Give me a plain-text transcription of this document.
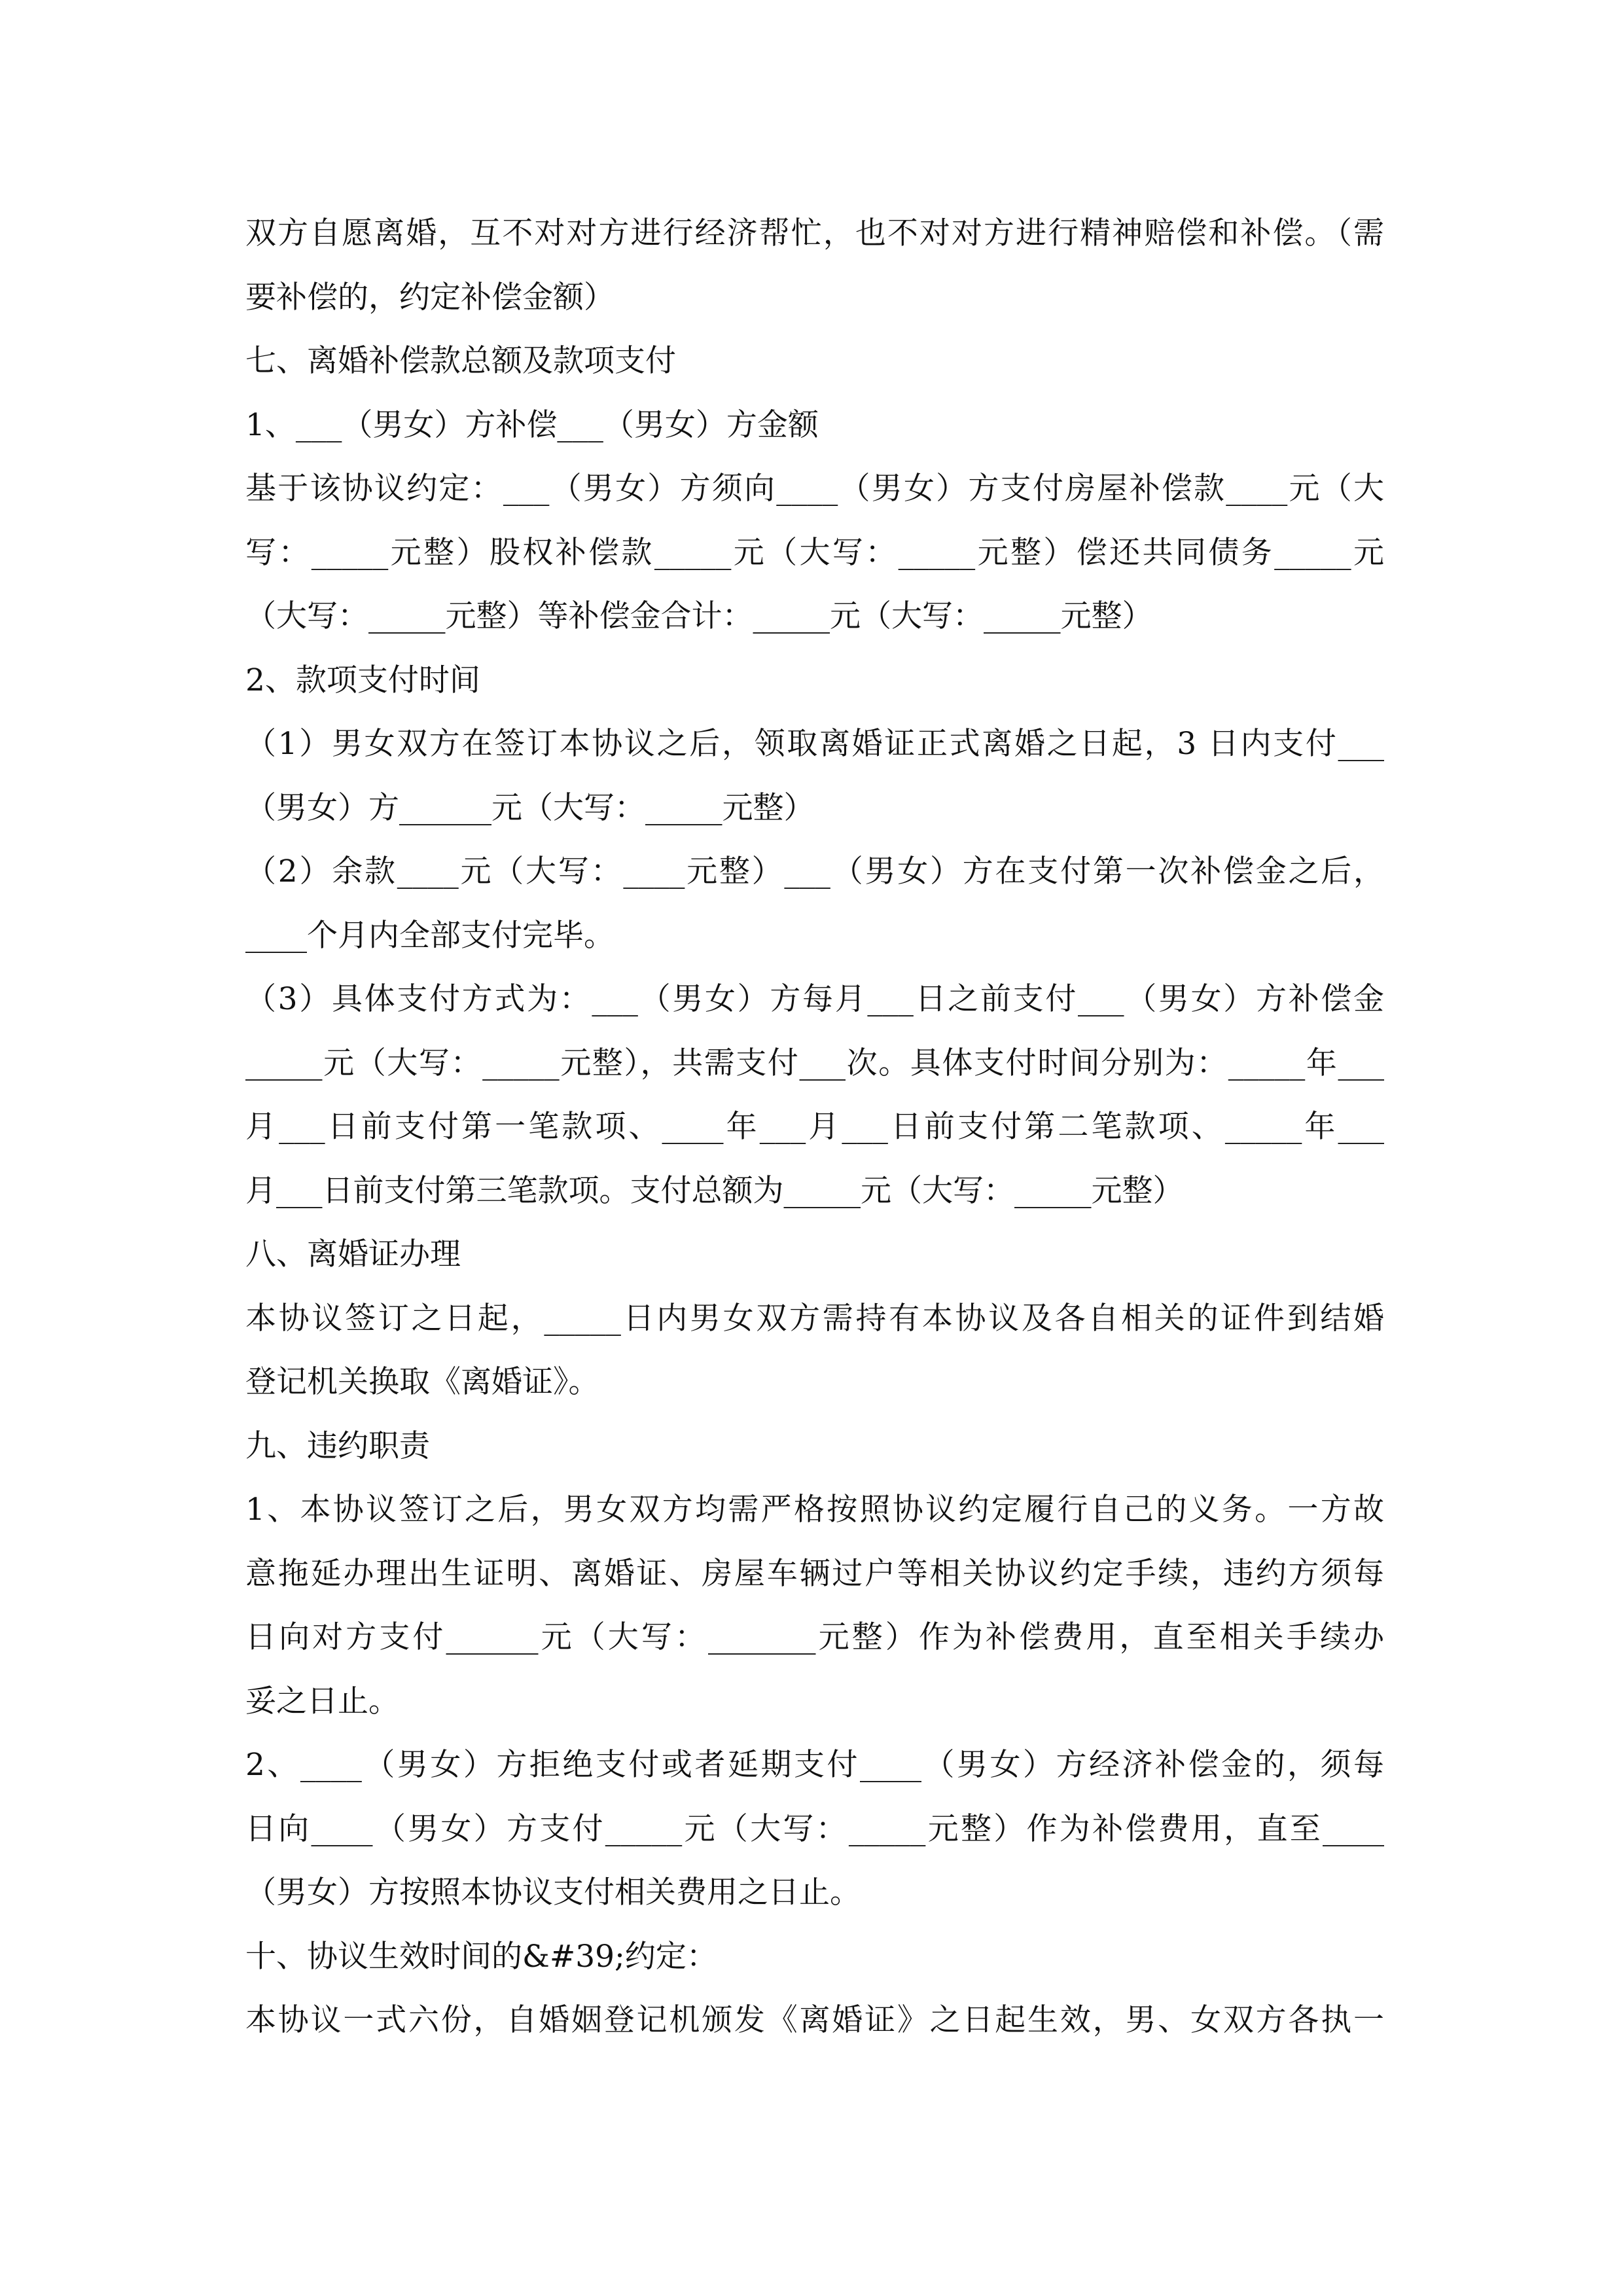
双方自愿离婚，互不对对方进行经济帮忙，也不对对方进行精神赔偿和补偿。（需
要补偿的，约定补偿金额）
七、离婚补偿款总额及款项支付
1、___（男女）方补偿___（男女）方金额
基于该协议约定：___（男女）方须向____（男女）方支付房屋补偿款____元（大
写：_____元整）股权补偿款_____元（大写：_____元整）偿还共同债务_____元
（大写：_____元整）等补偿金合计：_____元（大写：_____元整）
2、款项支付时间
（1）男女双方在签订本协议之后，领取离婚证正式离婚之日起，3 日内支付___
（男女）方______元（大写：_____元整）
（2）余款____元（大写：____元整）___（男女）方在支付第一次补偿金之后，
____个月内全部支付完毕。
（3）具体支付方式为：___（男女）方每月___日之前支付___（男女）方补偿金
_____元（大写：_____元整），共需支付___次。具体支付时间分别为：_____年___
月___日前支付第一笔款项、____年___月___日前支付第二笔款项、_____年___
月___日前支付第三笔款项。支付总额为_____元（大写：_____元整）
八、离婚证办理
本协议签订之日起，_____日内男女双方需持有本协议及各自相关的证件到结婚
登记机关换取《离婚证》。
九、违约职责
1、本协议签订之后，男女双方均需严格按照协议约定履行自己的义务。一方故
意拖延办理出生证明、离婚证、房屋车辆过户等相关协议约定手续，违约方须每
日向对方支付______元（大写：_______元整）作为补偿费用，直至相关手续办
妥之日止。
2、____（男女）方拒绝支付或者延期支付____（男女）方经济补偿金的，须每
日向____（男女）方支付_____元（大写：_____元整）作为补偿费用，直至____
（男女）方按照本协议支付相关费用之日止。
十、协议生效时间的&#39;约定：
本协议一式六份，自婚姻登记机颁发《离婚证》之日起生效，男、女双方各执一
